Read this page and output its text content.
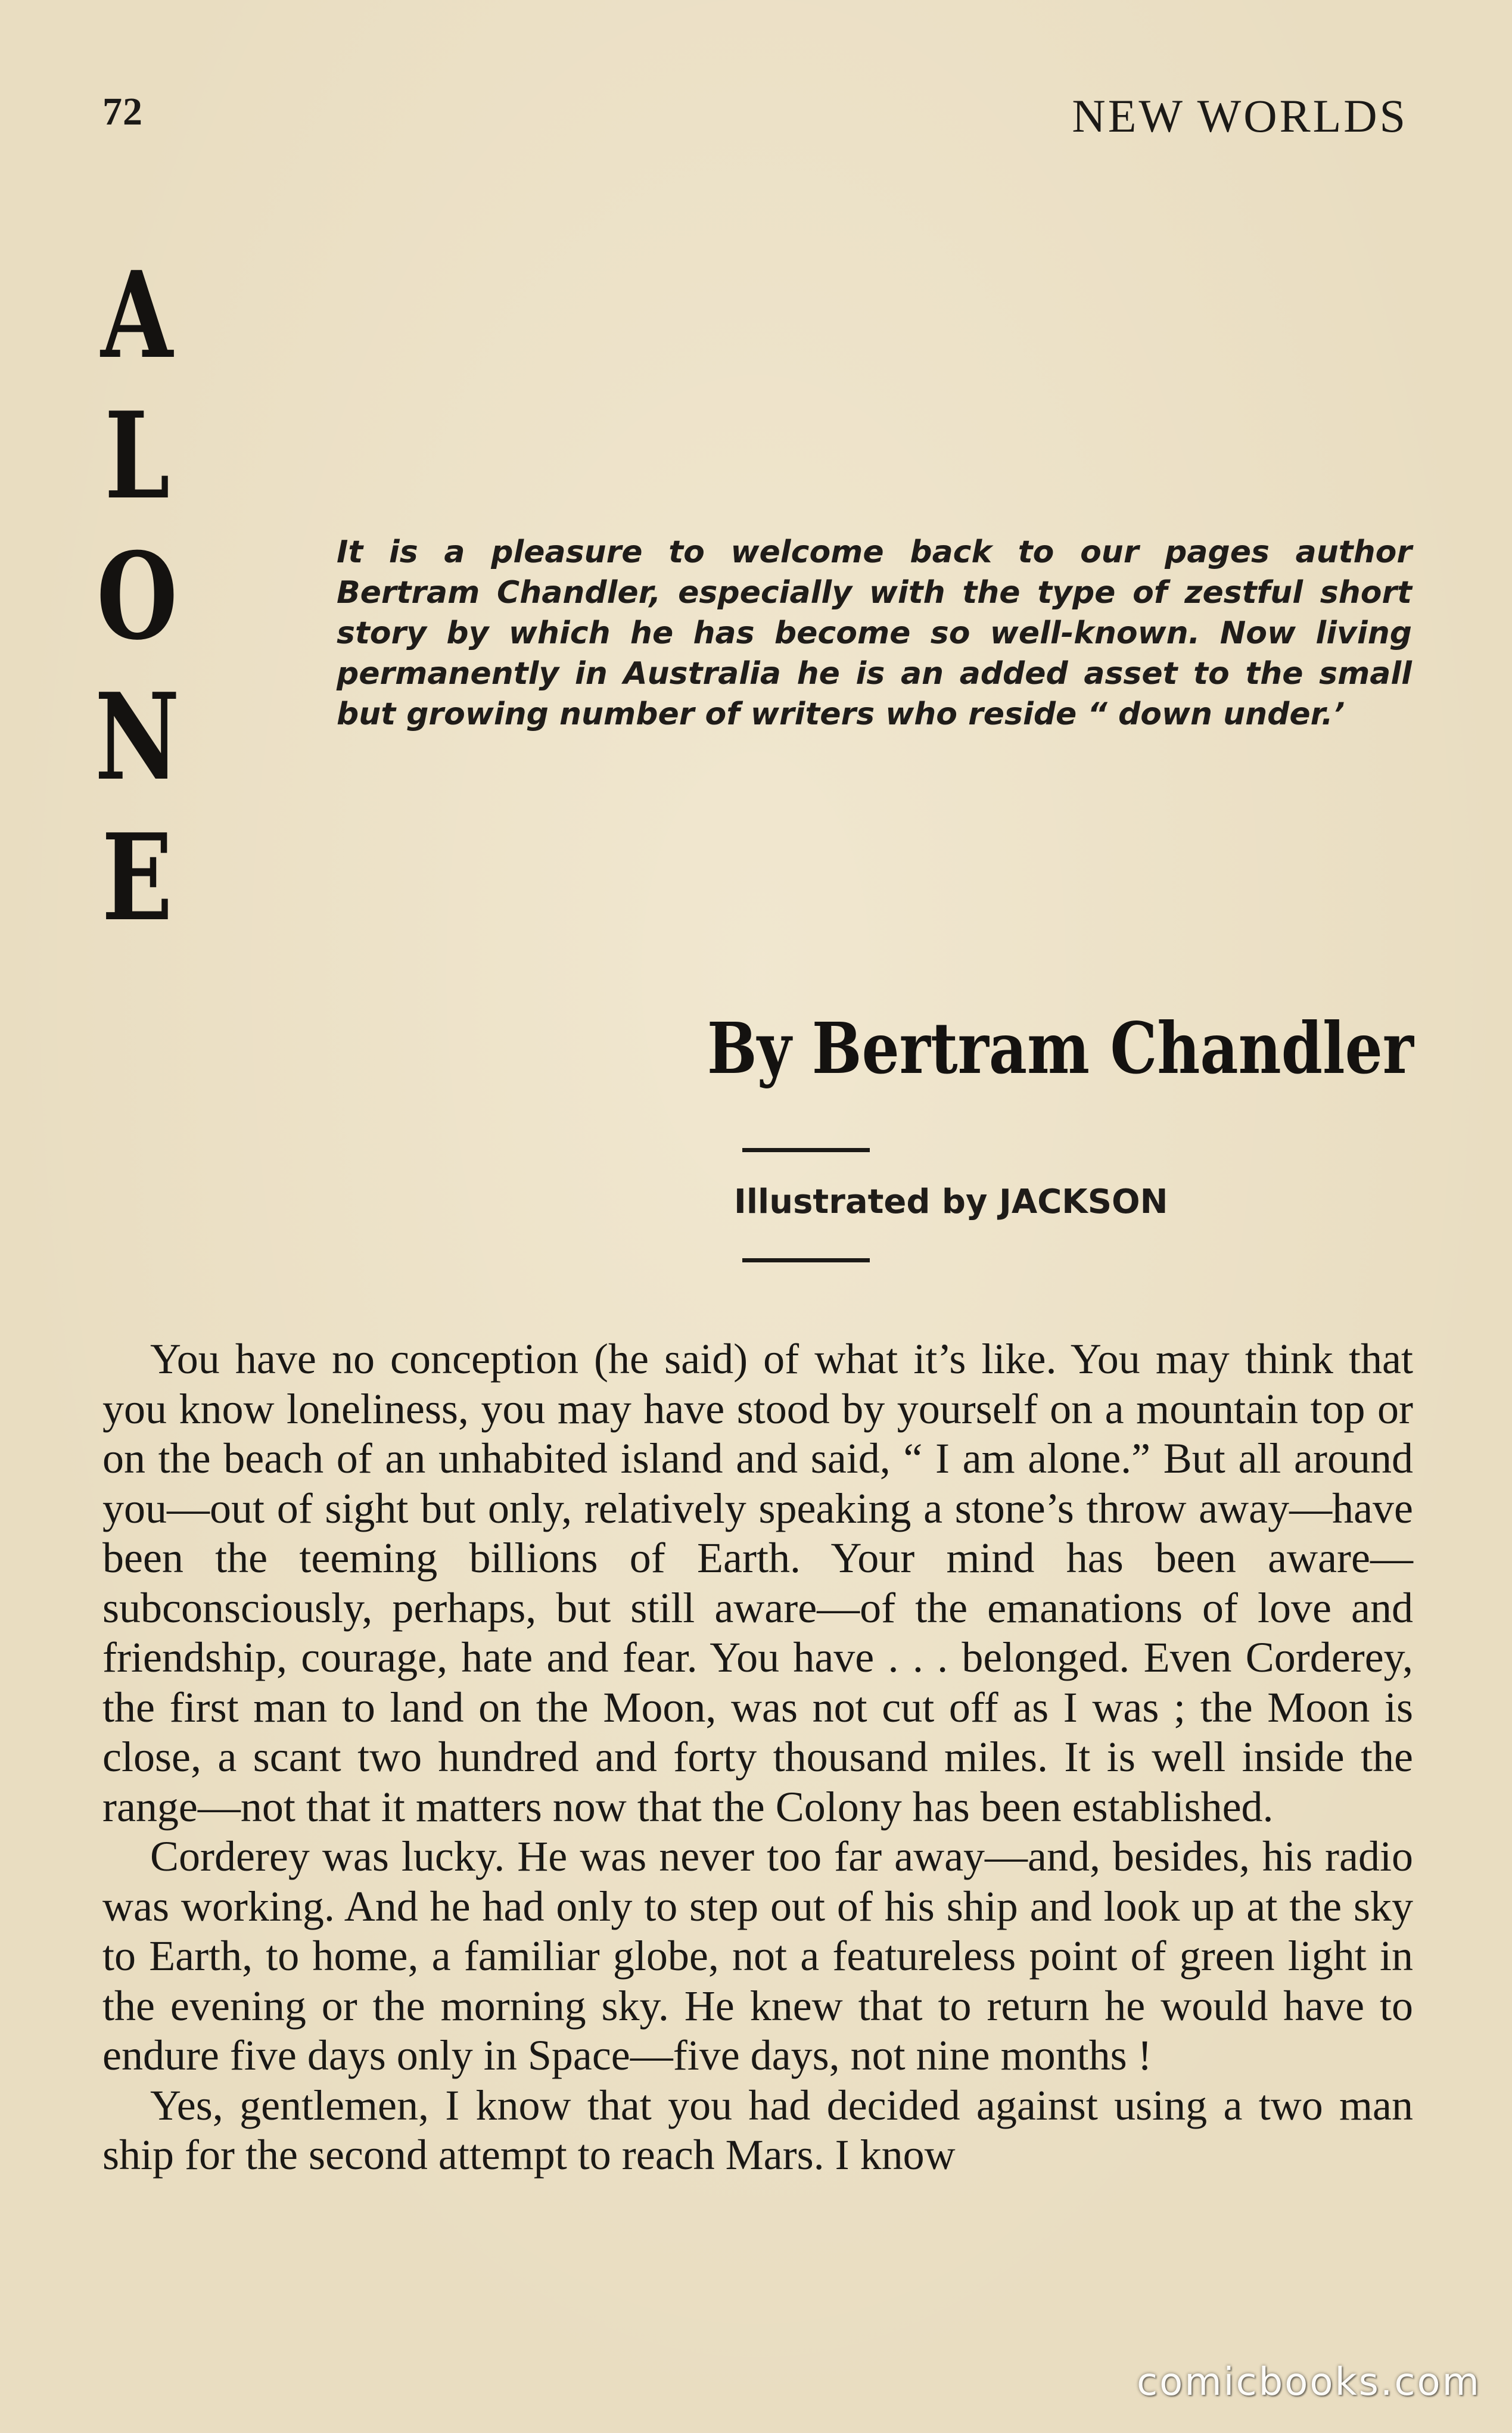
72	NEW WORLDS
A
L
O
N
E
It is a pleasure to welcome back to our pages author Bertram Chandler, especially with the type of zestful short story by which he has become so well-known. Now living permanently in Australia he is an added asset to the small but growing number of writers who reside “ down under.’
By Bertram Chandler
Illustrated by JACKSON

You have no conception (he said) of what it’s like. You may think that you know loneliness, you may have stood by yourself on a mountain top or on the beach of an unhabited island and said, “ I am alone.” But all around you—out of sight but only, relatively speaking a stone’s throw away—have been the teeming billions of Earth. Your mind has been aware—subconsciously, perhaps, but still aware—of the emanations of love and friendship, courage, hate and fear. You have . . . belonged. Even Corderey, the first man to land on the Moon, was not cut off as I was ; the Moon is close, a scant two hundred and forty thousand miles. It is well inside the range—not that it matters now that the Colony has been established.

Corderey was lucky. He was never too far away—and, besides, his radio was working. And he had only to step out of his ship and look up at the sky to Earth, to home, a familiar globe, not a featureless point of green light in the evening or the morning sky. He knew that to return he would have to endure five days only in Space—five days, not nine months !

Yes, gentlemen, I know that you had decided against using a two man ship for the second attempt to reach Mars. I know

comicbooks.com
